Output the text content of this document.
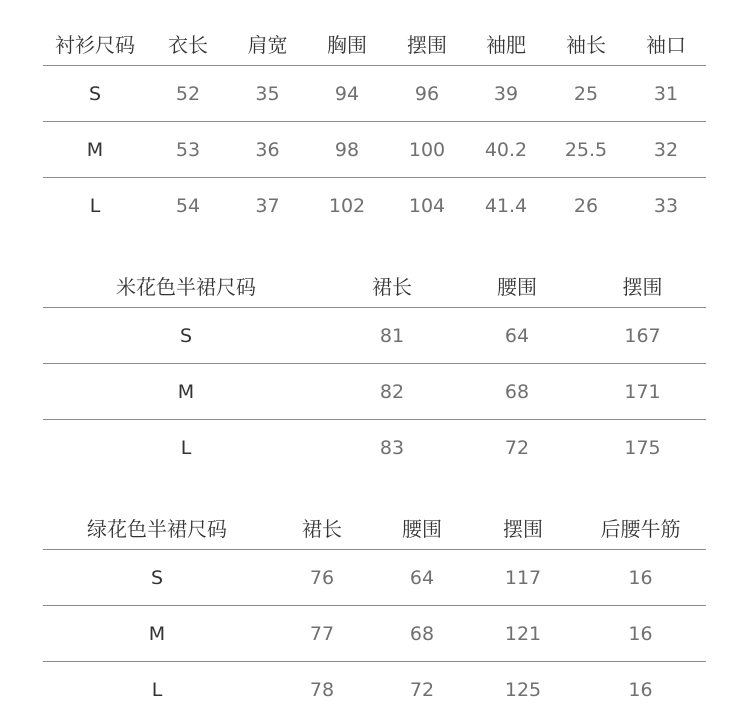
衬衫尺码	衣长	肩宽	胸围	摆围	袖肥	袖长	袖口
S	52	35	94	96	39	25	31
M	53	36	98	100	40.2	25.5	32
L	54	37	102	104	41.4	26	33
米花色半裙尺码	裙长	腰围	摆围
S	81	64	167
M	82	68	171
L	83	72	175
绿花色半裙尺码	裙长	腰围	摆围	后腰牛筋
S	76	64	117	16
M	77	68	121	16
L	78	72	125	16
